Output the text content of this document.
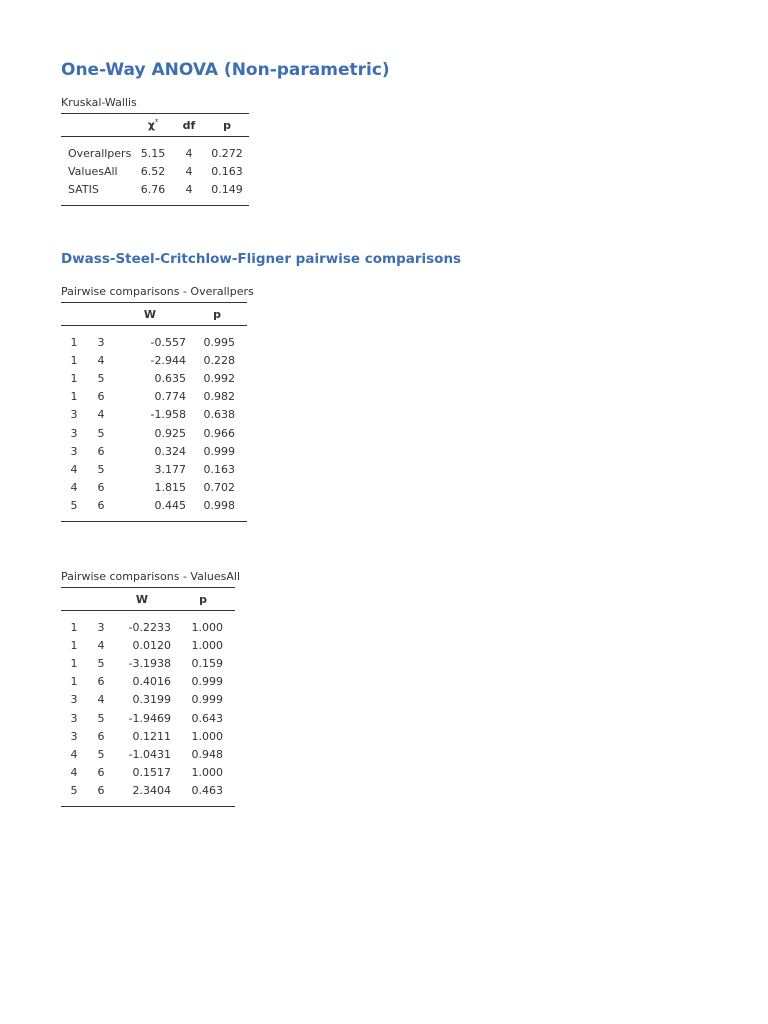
One-Way ANOVA (Non-parametric)
Kruskal-Wallis
	$\chi^{^2}$	df	p
Overallpers	5.15	4	0.272
ValuesAll	6.52	4	0.163
SATIS	6.76	4	0.149
Dwass-Steel-Critchlow-Fligner pairwise comparisons
Pairwise comparisons - Overallpers
		W	p
1	3	-0.557	0.995
1	4	-2.944	0.228
1	5	0.635	0.992
1	6	0.774	0.982
3	4	-1.958	0.638
3	5	0.925	0.966
3	6	0.324	0.999
4	5	3.177	0.163
4	6	1.815	0.702
5	6	0.445	0.998
Pairwise comparisons - ValuesAll
		W	p
1	3	-0.2233	1.000
1	4	0.0120	1.000
1	5	-3.1938	0.159
1	6	0.4016	0.999
3	4	0.3199	0.999
3	5	-1.9469	0.643
3	6	0.1211	1.000
4	5	-1.0431	0.948
4	6	0.1517	1.000
5	6	2.3404	0.463
